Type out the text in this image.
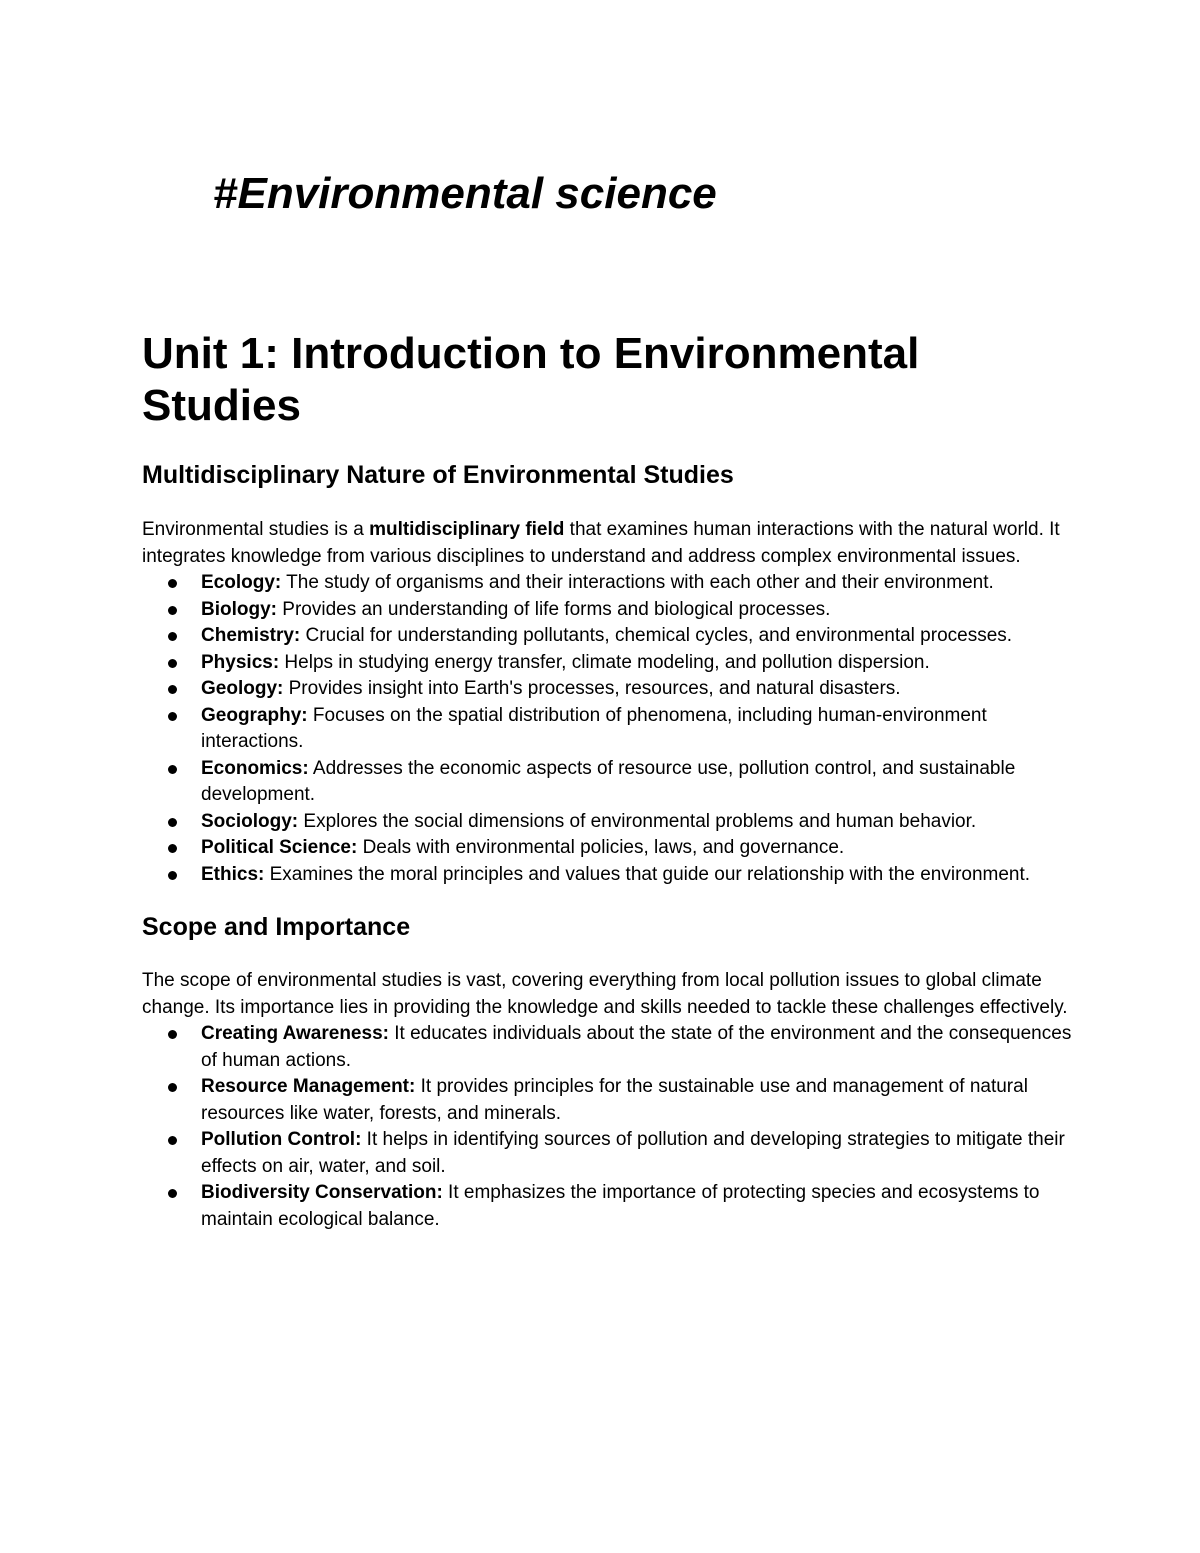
#Environmental science
Unit 1: Introduction to Environmental Studies
Multidisciplinary Nature of Environmental Studies

Environmental studies is a multidisciplinary field that examines human interactions with the natural world. It integrates knowledge from various disciplines to understand and address complex environmental issues.

Ecology: The study of organisms and their interactions with each other and their environment.
Biology: Provides an understanding of life forms and biological processes.
Chemistry: Crucial for understanding pollutants, chemical cycles, and environmental processes.
Physics: Helps in studying energy transfer, climate modeling, and pollution dispersion.
Geology: Provides insight into Earth's processes, resources, and natural disasters.
Geography: Focuses on the spatial distribution of phenomena, including human-environment interactions.
Economics: Addresses the economic aspects of resource use, pollution control, and sustainable development.
Sociology: Explores the social dimensions of environmental problems and human behavior.
Political Science: Deals with environmental policies, laws, and governance.
Ethics: Examines the moral principles and values that guide our relationship with the environment.
Scope and Importance

The scope of environmental studies is vast, covering everything from local pollution issues to global climate change. Its importance lies in providing the knowledge and skills needed to tackle these challenges effectively.

Creating Awareness: It educates individuals about the state of the environment and the consequences of human actions.
Resource Management: It provides principles for the sustainable use and management of natural resources like water, forests, and minerals.
Pollution Control: It helps in identifying sources of pollution and developing strategies to mitigate their effects on air, water, and soil.
Biodiversity Conservation: It emphasizes the importance of protecting species and ecosystems to maintain ecological balance.
